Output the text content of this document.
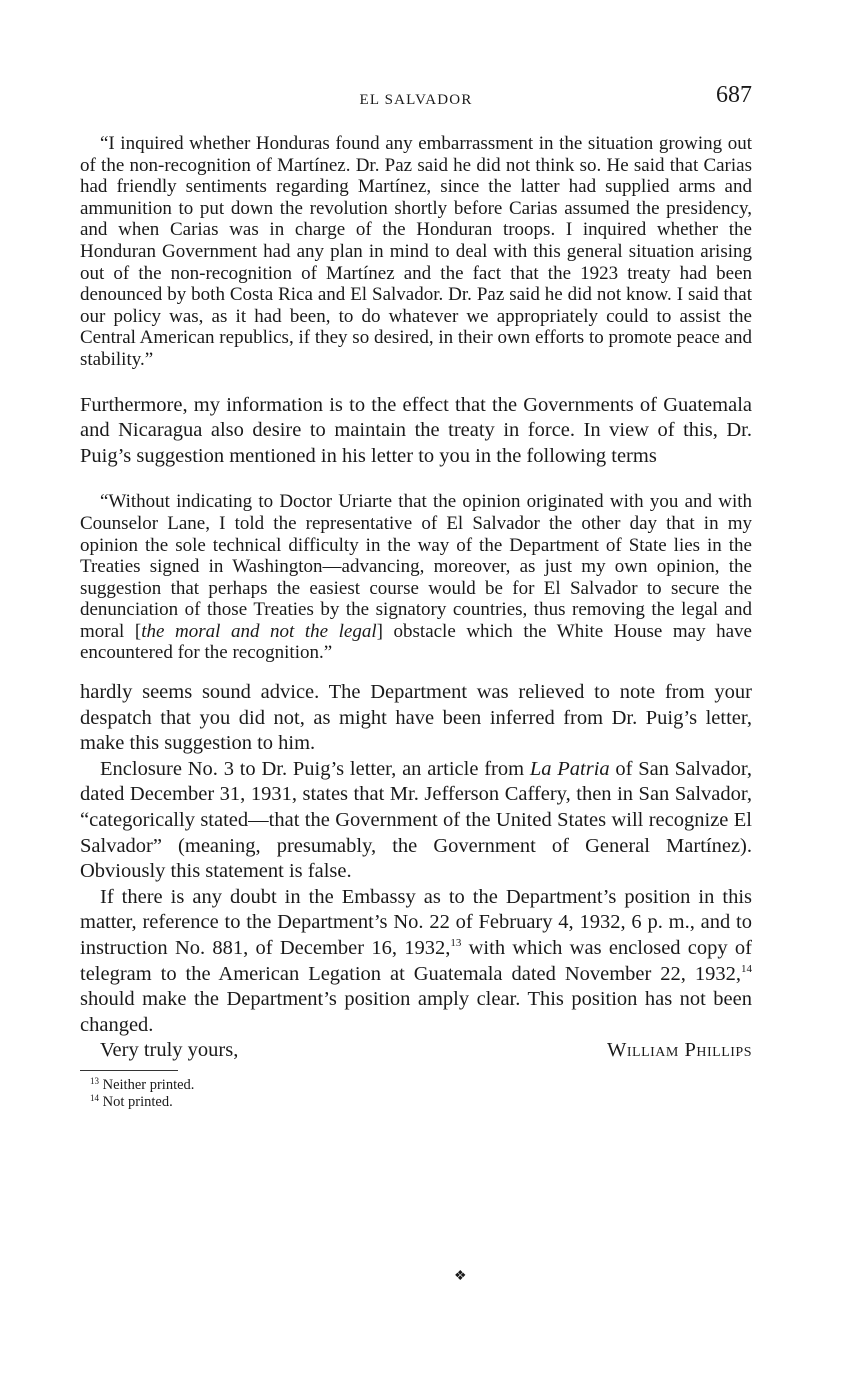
EL SALVADOR	687

“I inquired whether Honduras found any embarrassment in the situation growing out of the non-recognition of Martínez. Dr. Paz said he did not think so. He said that Carias had friendly sentiments regarding Martínez, since the latter had supplied arms and ammunition to put down the revolution shortly before Carias assumed the presidency, and when Carias was in charge of the Honduran troops. I inquired whether the Honduran Government had any plan in mind to deal with this general situation arising out of the non-recognition of Martínez and the fact that the 1923 treaty had been denounced by both Costa Rica and El Salvador. Dr. Paz said he did not know. I said that our policy was, as it had been, to do whatever we appropriately could to assist the Central American republics, if they so desired, in their own efforts to promote peace and stability.”

Furthermore, my information is to the effect that the Governments of Guatemala and Nicaragua also desire to maintain the treaty in force. In view of this, Dr. Puig’s suggestion mentioned in his letter to you in the following terms

“Without indicating to Doctor Uriarte that the opinion originated with you and with Counselor Lane, I told the representative of El Salvador the other day that in my opinion the sole technical difficulty in the way of the Department of State lies in the Treaties signed in Washington—advancing, moreover, as just my own opinion, the suggestion that perhaps the easiest course would be for El Salvador to secure the denunciation of those Treaties by the signatory countries, thus removing the legal and moral [the moral and not the legal] obstacle which the White House may have encountered for the recognition.”

hardly seems sound advice. The Department was relieved to note from your despatch that you did not, as might have been inferred from Dr. Puig’s letter, make this suggestion to him.

Enclosure No. 3 to Dr. Puig’s letter, an article from La Patria of San Salvador, dated December 31, 1931, states that Mr. Jefferson Caffery, then in San Salvador, “categorically stated—that the Government of the United States will recognize El Salvador” (meaning, presumably, the Government of General Martínez). Obviously this statement is false.

If there is any doubt in the Embassy as to the Department’s position in this matter, reference to the Department’s No. 22 of February 4, 1932, 6 p. m., and to instruction No. 881, of December 16, 1932,13 with which was enclosed copy of telegram to the American Legation at Guatemala dated November 22, 1932,14 should make the Department’s position amply clear. This position has not been changed.

Very truly yours,	William Phillips
$^{13}$ Neither printed.
$^{14}$ Not printed.
❖
